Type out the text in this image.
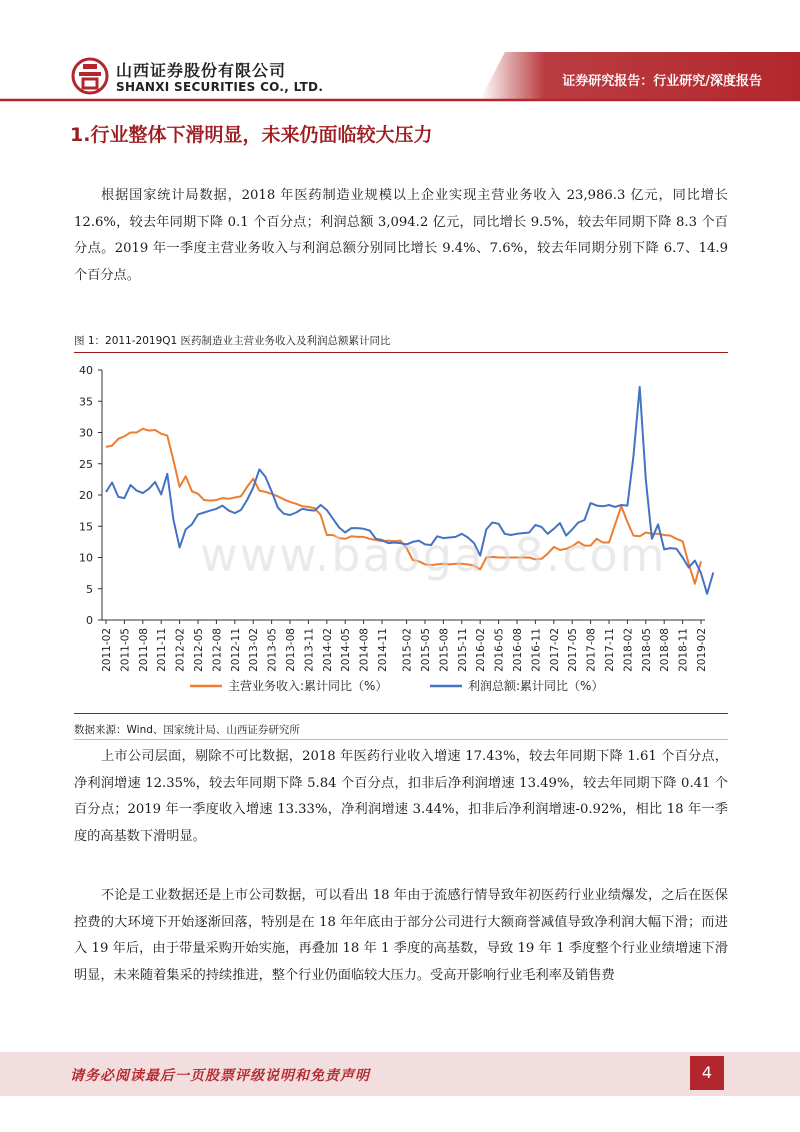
山西证券股份有限公司
SHANXI SECURITIES CO., LTD.	证券研究报告：行业研究/深度报告
1.行业整体下滑明显，未来仍面临较大压力

根据国家统计局数据，2018 年医药制造业规模以上企业实现主营业务收入 23,986.3 亿元，同比增长 12.6%，较去年同期下降 0.1 个百分点；利润总额 3,094.2 亿元，同比增长 9.5%，较去年同期下降 8.3 个百分点。2019 年一季度主营业务收入与利润总额分别同比增长 9.4%、7.6%，较去年同期分别下降 6.7、14.9 个百分点。

图 1：2011-2019Q1 医药制造业主营业务收入及利润总额累计同比
0
5
10
15
20
25
30
35
40
2011-02 2011-05 2011-08 2011-11 2012-02 2012-05 2012-08 2012-11 2013-02 2013-05 2013-08 2013-11 2014-02 2014-05 2014-08 2014-11 2015-02 2015-05 2015-08 2015-11 2016-02 2016-05 2016-08 2016-11 2017-02 2017-05 2017-08 2017-11 2018-02 2018-05 2018-08 2018-11 2019-02
主营业务收入:累计同比（%）	利润总额:累计同比（%）
www.baogao8.com
数据来源：Wind、国家统计局、山西证券研究所

上市公司层面，剔除不可比数据，2018 年医药行业收入增速 17.43%，较去年同期下降 1.61 个百分点，净利润增速 12.35%，较去年同期下降 5.84 个百分点，扣非后净利润增速 13.49%，较去年同期下降 0.41 个百分点；2019 年一季度收入增速 13.33%，净利润增速 3.44%，扣非后净利润增速-0.92%，相比 18 年一季度的高基数下滑明显。

不论是工业数据还是上市公司数据，可以看出 18 年由于流感行情导致年初医药行业业绩爆发，之后在医保控费的大环境下开始逐渐回落，特别是在 18 年年底由于部分公司进行大额商誉减值导致净利润大幅下滑；而进入 19 年后，由于带量采购开始实施，再叠加 18 年 1 季度的高基数，导致 19 年 1 季度整个行业业绩增速下滑明显，未来随着集采的持续推进，整个行业仍面临较大压力。受高开影响行业毛利率及销售费

请务必阅读最后一页股票评级说明和免责声明	4
